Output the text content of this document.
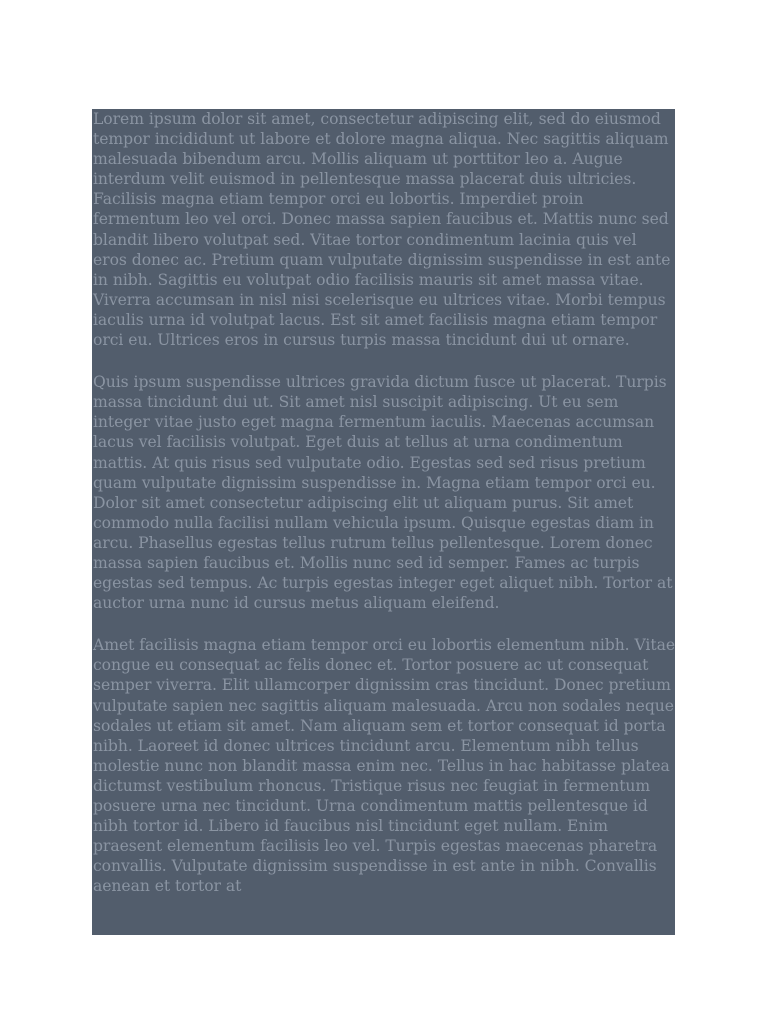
Lorem ipsum dolor sit amet, consectetur adipiscing elit, sed do eiusmod tempor incididunt ut labore et dolore magna aliqua. Nec sagittis aliquam malesuada bibendum arcu. Mollis aliquam ut porttitor leo a. Augue interdum velit euismod in pellentesque massa placerat duis ultricies. Facilisis magna etiam tempor orci eu lobortis. Imperdiet proin fermentum leo vel orci. Donec massa sapien faucibus et. Mattis nunc sed blandit libero volutpat sed. Vitae tortor condimentum lacinia quis vel eros donec ac. Pretium quam vulputate dignissim suspendisse in est ante in nibh. Sagittis eu volutpat odio facilisis mauris sit amet massa vitae. Viverra accumsan in nisl nisi scelerisque eu ultrices vitae. Morbi tempus iaculis urna id volutpat lacus. Est sit amet facilisis magna etiam tempor orci eu. Ultrices eros in cursus turpis massa tincidunt dui ut ornare.

Quis ipsum suspendisse ultrices gravida dictum fusce ut placerat. Turpis massa tincidunt dui ut. Sit amet nisl suscipit adipiscing. Ut eu sem integer vitae justo eget magna fermentum iaculis. Maecenas accumsan lacus vel facilisis volutpat. Eget duis at tellus at urna condimentum mattis. At quis risus sed vulputate odio. Egestas sed sed risus pretium quam vulputate dignissim suspendisse in. Magna etiam tempor orci eu. Dolor sit amet consectetur adipiscing elit ut aliquam purus. Sit amet commodo nulla facilisi nullam vehicula ipsum. Quisque egestas diam in arcu. Phasellus egestas tellus rutrum tellus pellentesque. Lorem donec massa sapien faucibus et. Mollis nunc sed id semper. Fames ac turpis egestas sed tempus. Ac turpis egestas integer eget aliquet nibh. Tortor at auctor urna nunc id cursus metus aliquam eleifend.

Amet facilisis magna etiam tempor orci eu lobortis elementum nibh. Vitae congue eu consequat ac felis donec et. Tortor posuere ac ut consequat semper viverra. Elit ullamcorper dignissim cras tincidunt. Donec pretium vulputate sapien nec sagittis aliquam malesuada. Arcu non sodales neque sodales ut etiam sit amet. Nam aliquam sem et tortor consequat id porta nibh. Laoreet id donec ultrices tincidunt arcu. Elementum nibh tellus molestie nunc non blandit massa enim nec. Tellus in hac habitasse platea dictumst vestibulum rhoncus. Tristique risus nec feugiat in fermentum posuere urna nec tincidunt. Urna condimentum mattis pellentesque id nibh tortor id. Libero id faucibus nisl tincidunt eget nullam. Enim praesent elementum facilisis leo vel. Turpis egestas maecenas pharetra convallis. Vulputate dignissim suspendisse in est ante in nibh. Convallis aenean et tortor at
